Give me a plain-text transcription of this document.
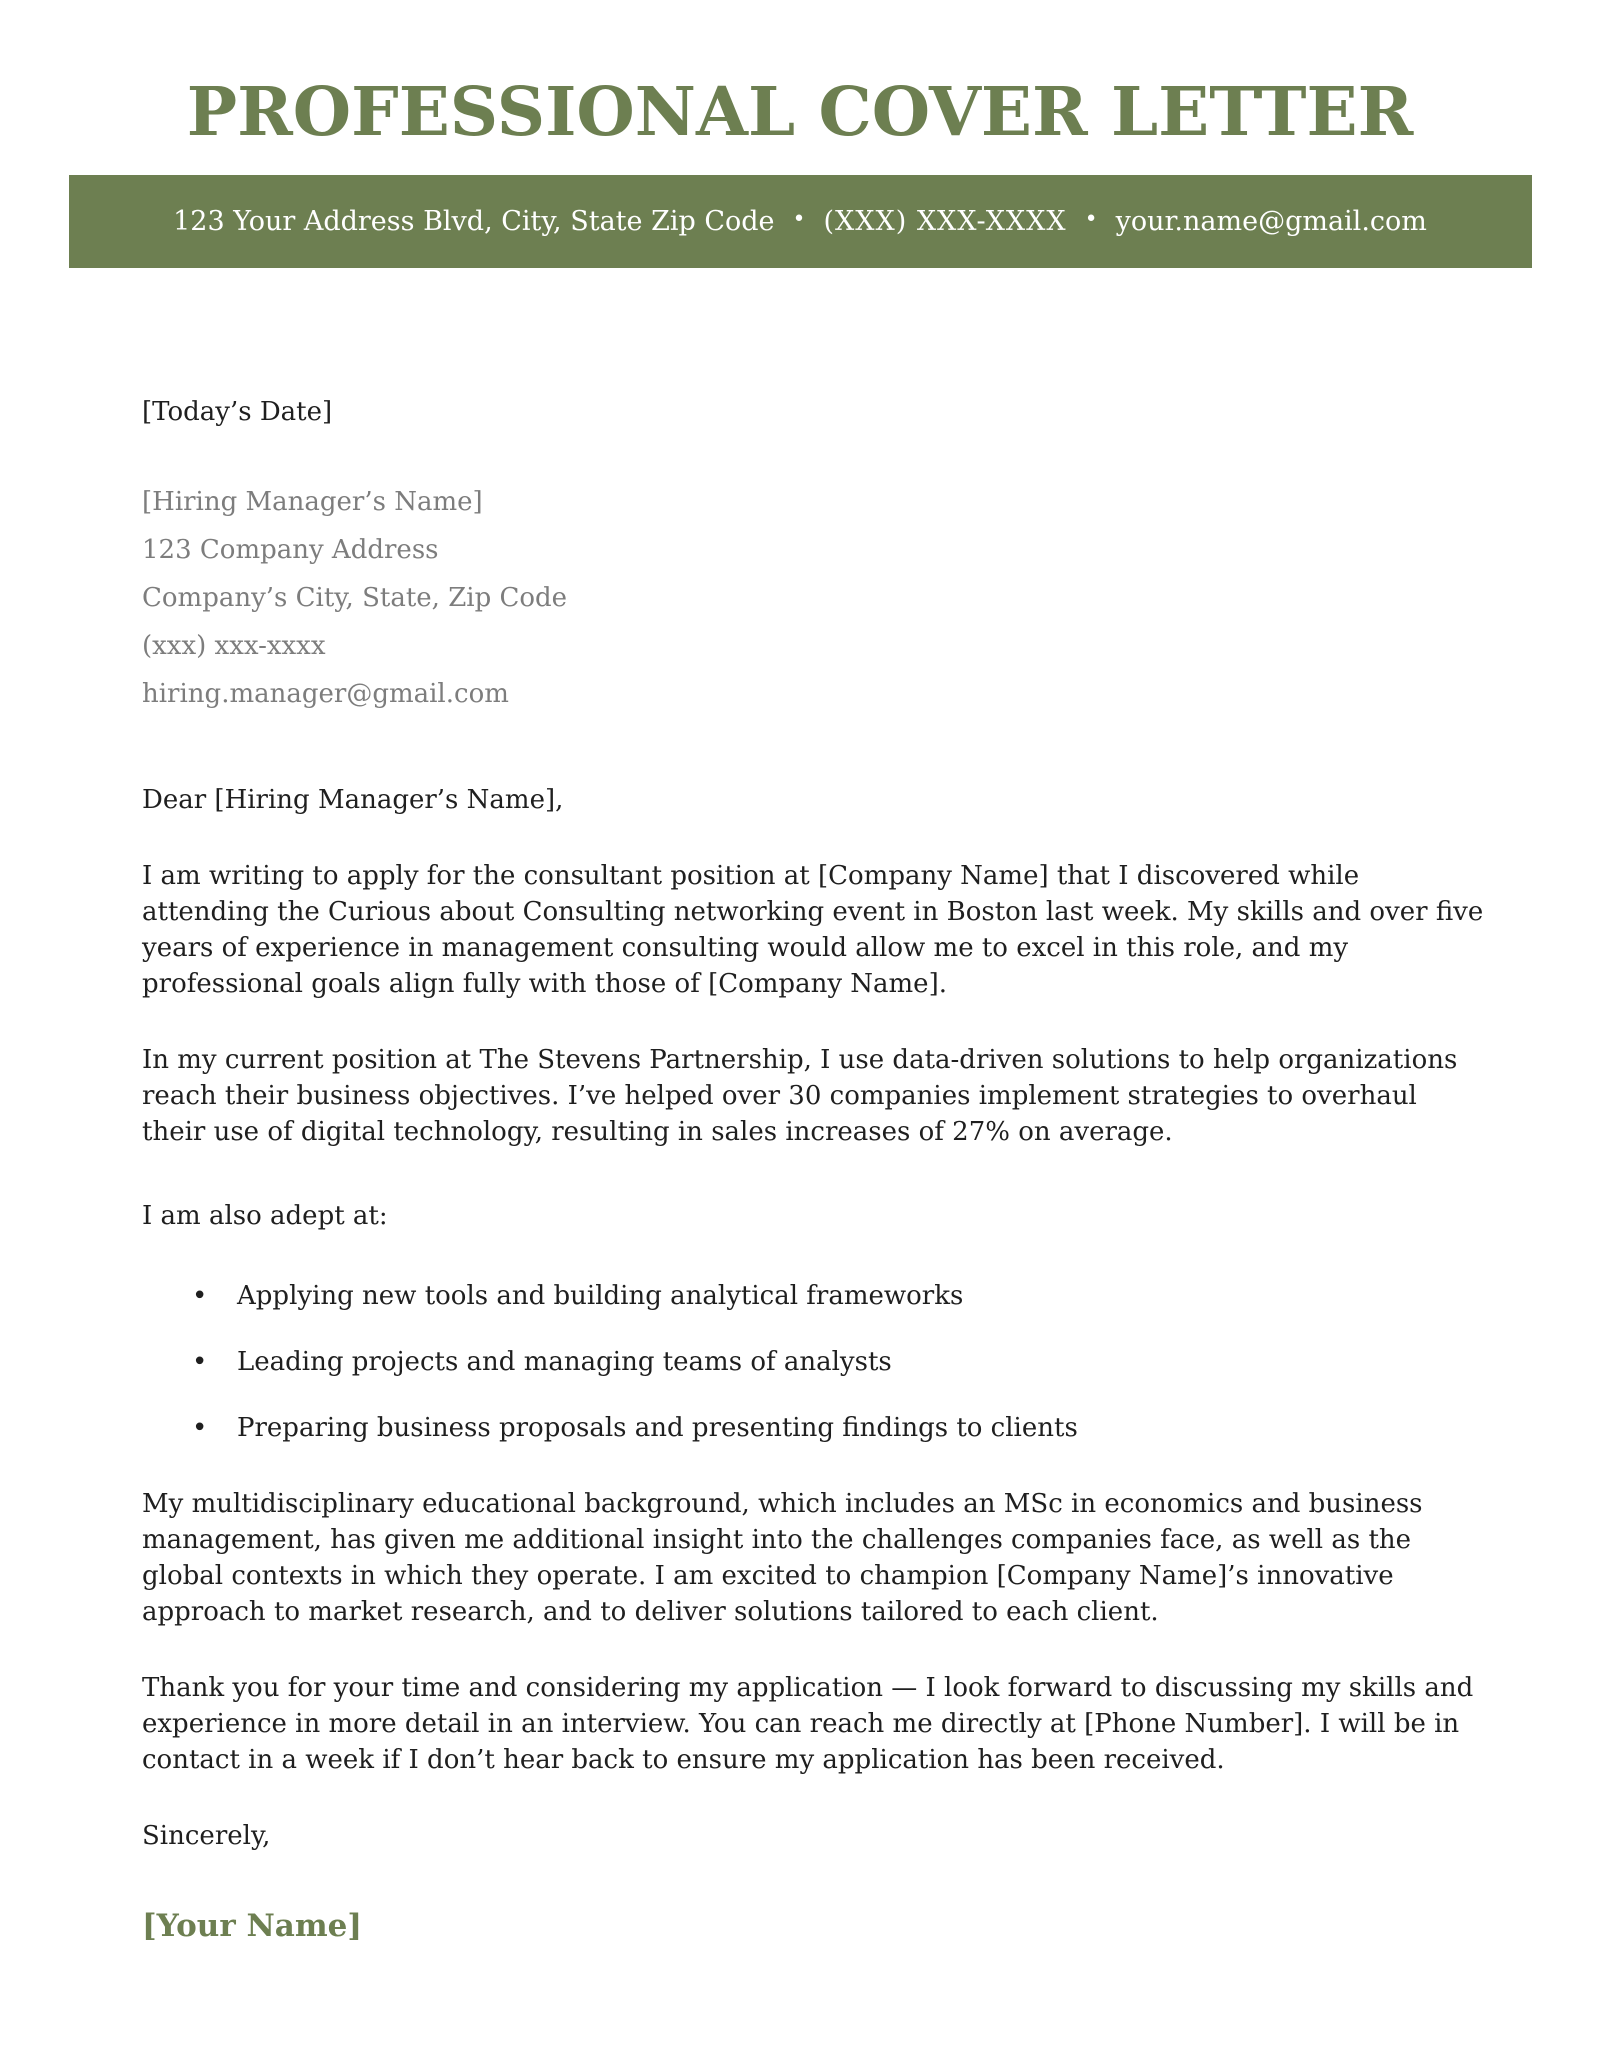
PROFESSIONAL COVER LETTER
123 Your Address Blvd, City, State Zip Code • (XXX) XXX-XXXX • your.name@gmail.com
[Today’s Date]
[Hiring Manager’s Name]
123 Company Address
Company’s City, State, Zip Code
(xxx) xxx-xxxx
hiring.manager@gmail.com
Dear [Hiring Manager’s Name],
I am writing to apply for the consultant position at [Company Name] that I discovered while attending the Curious about Consulting networking event in Boston last week. My skills and over five years of experience in management consulting would allow me to excel in this role, and my professional goals align fully with those of [Company Name].
In my current position at The Stevens Partnership, I use data-driven solutions to help organizations reach their business objectives. I’ve helped over 30 companies implement strategies to overhaul their use of digital technology, resulting in sales increases of 27% on average.
I am also adept at:
• Applying new tools and building analytical frameworks
• Leading projects and managing teams of analysts
• Preparing business proposals and presenting findings to clients
My multidisciplinary educational background, which includes an MSc in economics and business management, has given me additional insight into the challenges companies face, as well as the global contexts in which they operate. I am excited to champion [Company Name]’s innovative approach to market research, and to deliver solutions tailored to each client.
Thank you for your time and considering my application — I look forward to discussing my skills and experience in more detail in an interview. You can reach me directly at [Phone Number]. I will be in contact in a week if I don’t hear back to ensure my application has been received.
Sincerely,
[Your Name]
